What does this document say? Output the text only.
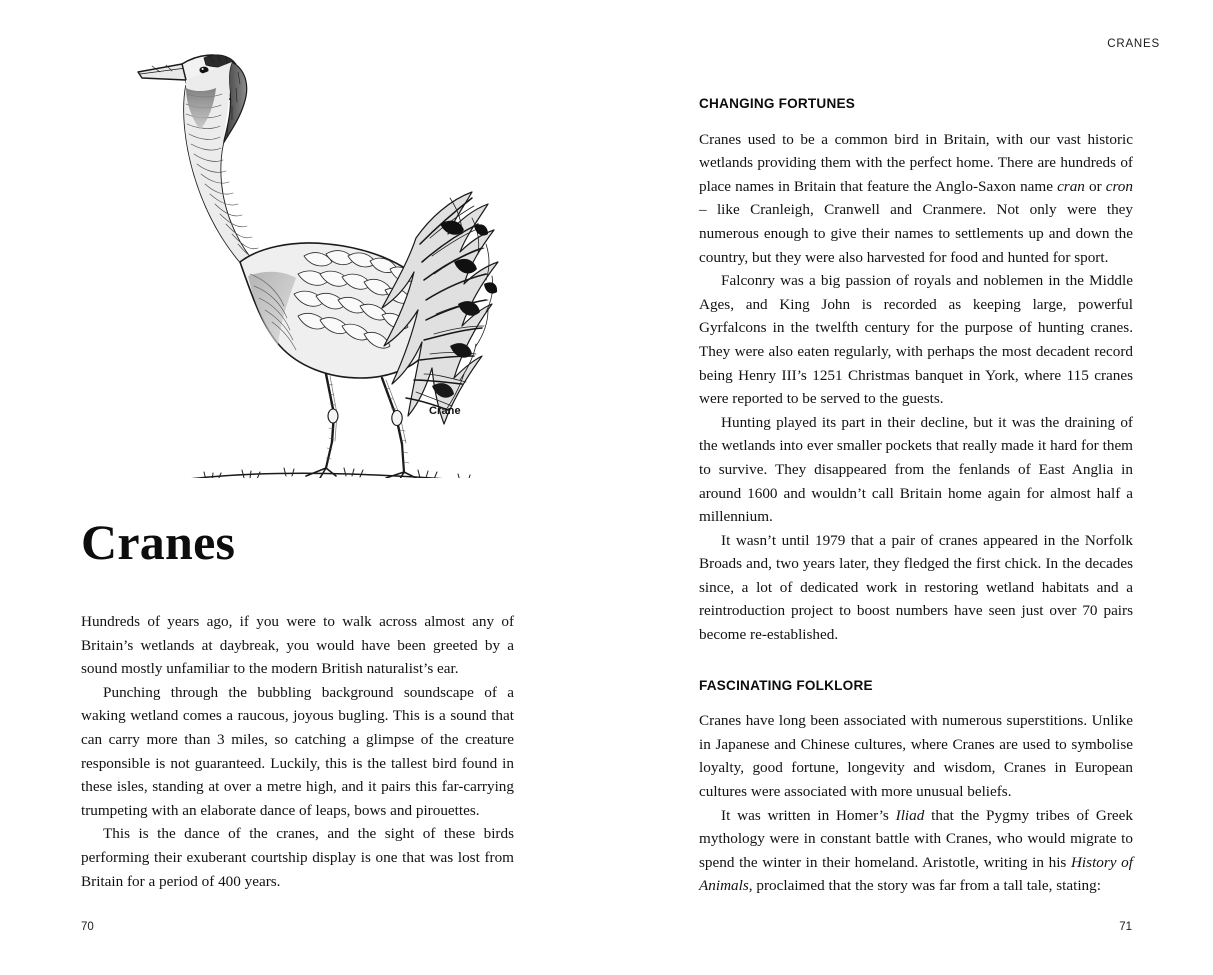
CRANES
Crane
Cranes

Hundreds of years ago, if you were to walk across almost any of Britain’s wetlands at daybreak, you would have been greeted by a sound mostly unfamiliar to the modern British naturalist’s ear.

Punching through the bubbling background soundscape of a waking wetland comes a raucous, joyous bugling. This is a sound that can carry more than 3 miles, so catching a glimpse of the creature responsible is not guaranteed. Luckily, this is the tallest bird found in these isles, standing at over a metre high, and it pairs this far-carrying trumpeting with an elaborate dance of leaps, bows and pirouettes.

This is the dance of the cranes, and the sight of these birds performing their exuberant courtship display is one that was lost from Britain for a period of 400 years.

70
CHANGING FORTUNES

Cranes used to be a common bird in Britain, with our vast historic wetlands providing them with the perfect home. There are hundreds of place names in Britain that feature the Anglo-Saxon name cran or cron – like Cranleigh, Cranwell and Cranmere. Not only were they numerous enough to give their names to settlements up and down the country, but they were also harvested for food and hunted for sport.

Falconry was a big passion of royals and noblemen in the Middle Ages, and King John is recorded as keeping large, powerful Gyrfalcons in the twelfth century for the purpose of hunting cranes. They were also eaten regularly, with perhaps the most decadent record being Henry III’s 1251 Christmas banquet in York, where 115 cranes were reported to be served to the guests.

Hunting played its part in their decline, but it was the draining of the wetlands into ever smaller pockets that really made it hard for them to survive. They disappeared from the fenlands of East Anglia in around 1600 and wouldn’t call Britain home again for almost half a millennium.

It wasn’t until 1979 that a pair of cranes appeared in the Norfolk Broads and, two years later, they fledged the first chick. In the decades since, a lot of dedicated work in restoring wetland habitats and a reintroduction project to boost numbers have seen just over 70 pairs become re-established.

FASCINATING FOLKLORE

Cranes have long been associated with numerous superstitions. Unlike in Japanese and Chinese cultures, where Cranes are used to symbolise loyalty, good fortune, longevity and wisdom, Cranes in European cultures were associated with more unusual beliefs.

It was written in Homer’s Iliad that the Pygmy tribes of Greek mythology were in constant battle with Cranes, who would migrate to spend the winter in their homeland. Aristotle, writing in his History of Animals, proclaimed that the story was far from a tall tale, stating:

71
